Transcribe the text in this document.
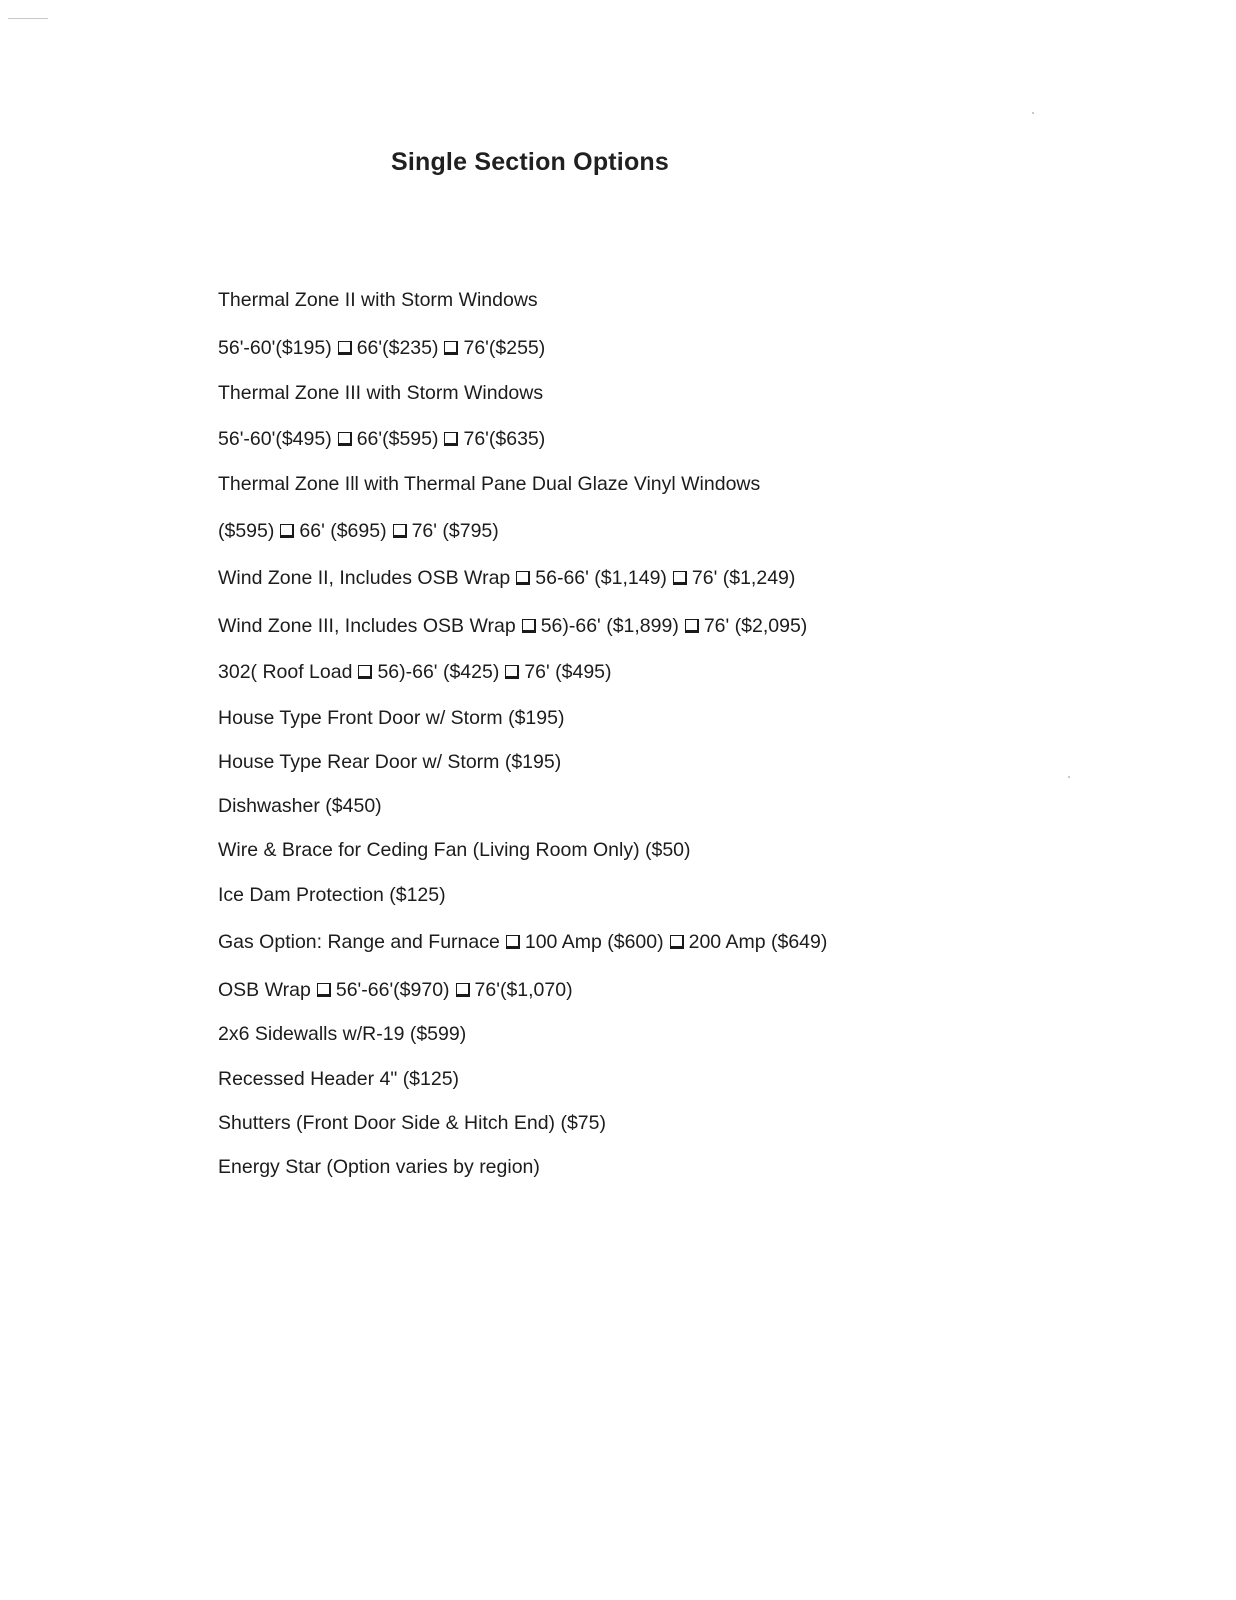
Single Section Options
Thermal Zone II with Storm Windows
56'-60'($195) 66'($235) 76'($255)
Thermal Zone III with Storm Windows
56'-60'($495) 66'($595) 76'($635)
Thermal Zone Ill with Thermal Pane Dual Glaze Vinyl Windows
($595) 66' ($695) 76' ($795)
Wind Zone II, Includes OSB Wrap 56-66' ($1,149) 76' ($1,249)
Wind Zone III, Includes OSB Wrap 56)-66' ($1,899) 76' ($2,095)
302( Roof Load 56)-66' ($425) 76' ($495)
House Type Front Door w/ Storm ($195)
House Type Rear Door w/ Storm ($195)
Dishwasher ($450)
Wire & Brace for Ceding Fan (Living Room Only) ($50)
Ice Dam Protection ($125)
Gas Option: Range and Furnace 100 Amp ($600) 200 Amp ($649)
OSB Wrap 56'-66'($970) 76'($1,070)
2x6 Sidewalls w/R-19 ($599)
Recessed Header 4" ($125)
Shutters (Front Door Side & Hitch End) ($75)
Energy Star (Option varies by region)
